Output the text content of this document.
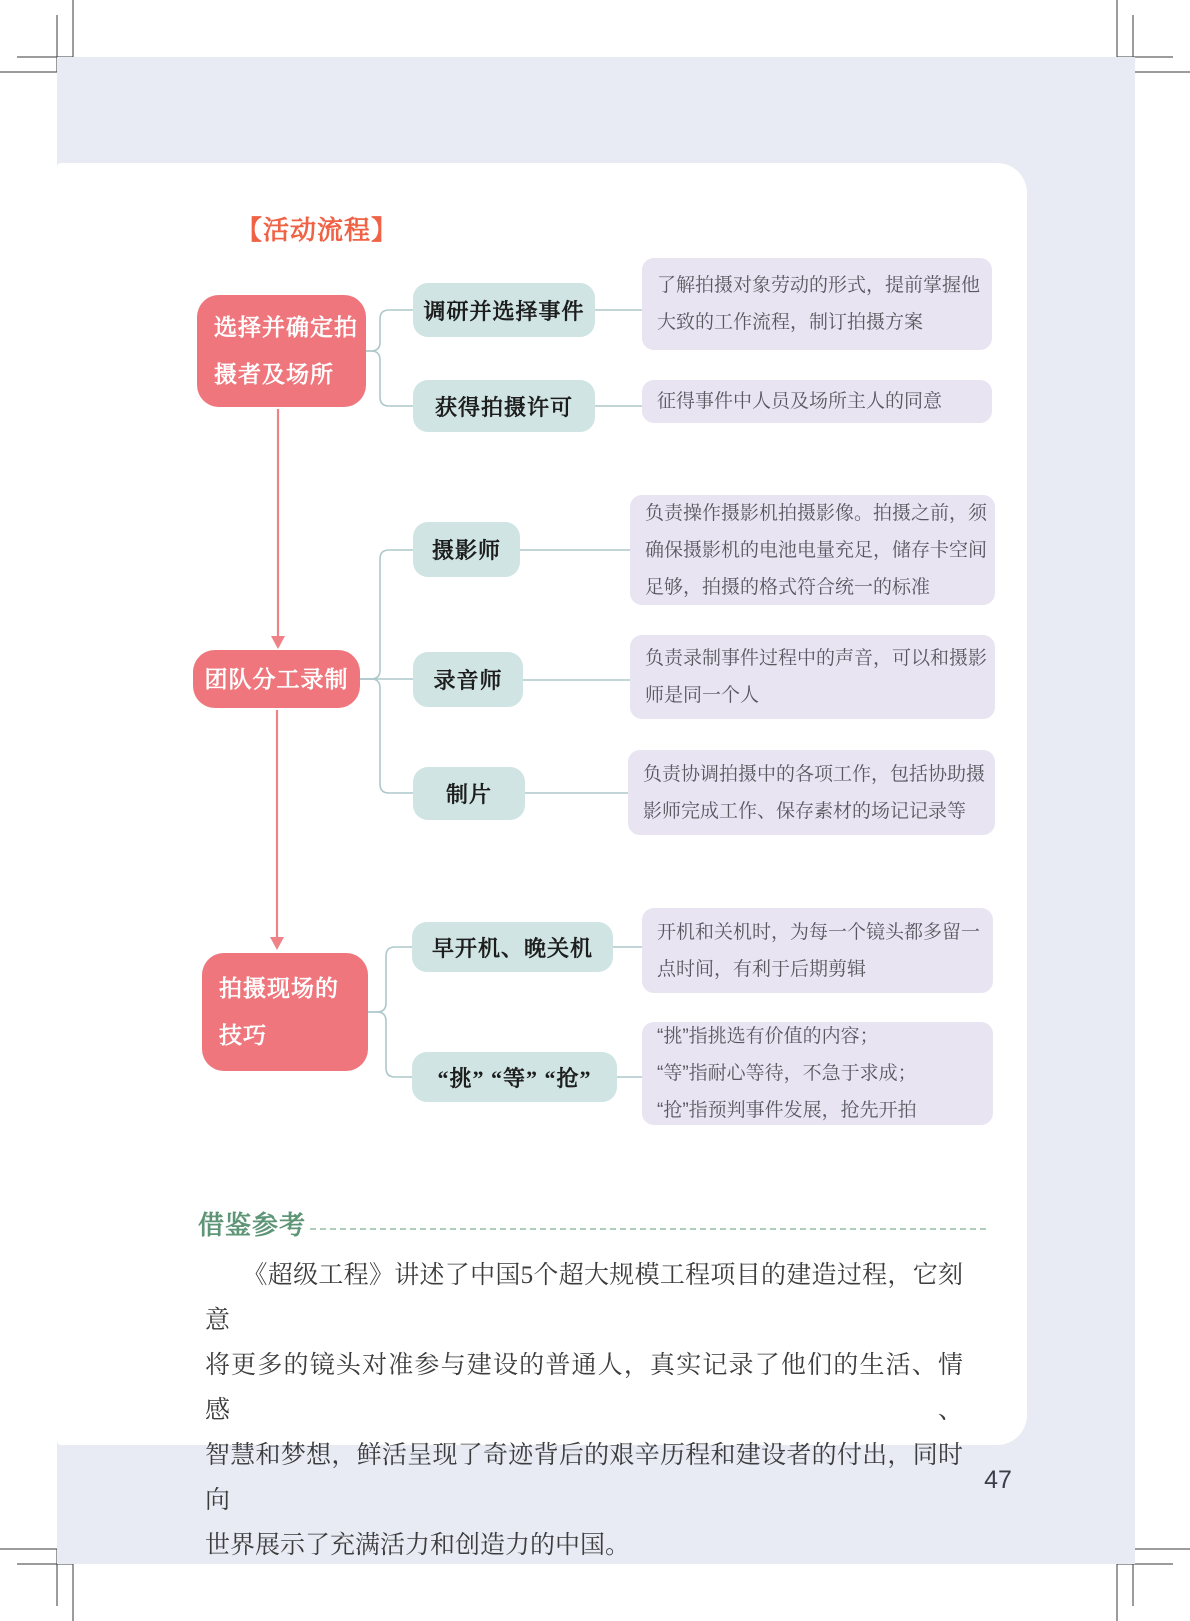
【活动流程】
选择并确定拍
摄者及场所
调研并选择事件
了解拍摄对象劳动的形式，提前掌握他
大致的工作流程，制订拍摄方案
获得拍摄许可	征得事件中人员及场所主人的同意
团队分工录制
摄影师
负责操作摄影机拍摄影像。拍摄之前，须
确保摄影机的电池电量充足，储存卡空间
足够，拍摄的格式符合统一的标准
录音师
负责录制事件过程中的声音，可以和摄影
师是同一个人
制片
负责协调拍摄中的各项工作，包括协助摄
影师完成工作、保存素材的场记记录等
拍摄现场的
技巧
早开机、晚关机
开机和关机时，为每一个镜头都多留一
点时间，有利于后期剪辑
“挑” “等” “抢”
“挑”指挑选有价值的内容；
“等”指耐心等待，不急于求成；
“抢”指预判事件发展，抢先开拍
借鉴参考
《超级工程》讲述了中国5个超大规模工程项目的建造过程，它刻意
将更多的镜头对准参与建设的普通人，真实记录了他们的生活、情感、
智慧和梦想，鲜活呈现了奇迹背后的艰辛历程和建设者的付出，同时向
世界展示了充满活力和创造力的中国。
47
